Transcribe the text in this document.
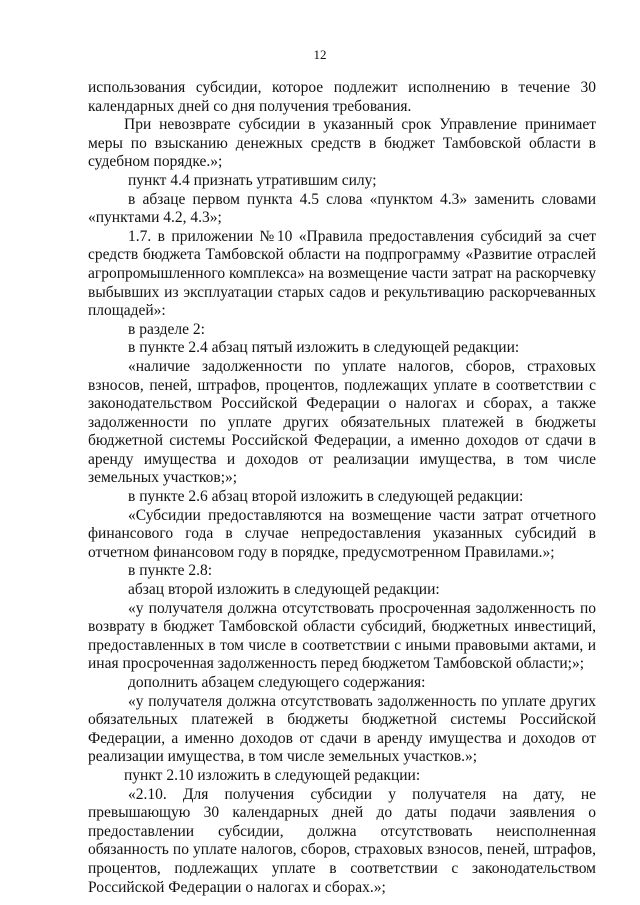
12

использования субсидии, которое подлежит исполнению в течение 30 календарных дней со дня получения требования.

При невозврате субсидии в указанный срок Управление принимает меры по взысканию денежных средств в бюджет Тамбовской области в судебном порядке.»;

пункт 4.4 признать утратившим силу;

в абзаце первом пункта 4.5 слова «пунктом 4.3» заменить словами «пунктами 4.2, 4.3»;

1.7. в приложении №10 «Правила предоставления субсидий за счет средств бюджета Тамбовской области на подпрограмму «Развитие отраслей агропромышленного комплекса» на возмещение части затрат на раскорчевку выбывших из эксплуатации старых садов и рекультивацию раскорчеванных площадей»:

в разделе 2:

в пункте 2.4 абзац пятый изложить в следующей редакции:

«наличие задолженности по уплате налогов, сборов, страховых взносов, пеней, штрафов, процентов, подлежащих уплате в соответствии с законодательством Российской Федерации о налогах и сборах, а также задолженности по уплате других обязательных платежей в бюджеты бюджетной системы Российской Федерации, а именно доходов от сдачи в аренду имущества и доходов от реализации имущества, в том числе земельных участков;»;

в пункте 2.6 абзац второй изложить в следующей редакции:

«Субсидии предоставляются на возмещение части затрат отчетного финансового года в случае непредоставления указанных субсидий в отчетном финансовом году в порядке, предусмотренном Правилами.»;

в пункте 2.8:

абзац второй изложить в следующей редакции:

«у получателя должна отсутствовать просроченная задолженность по возврату в бюджет Тамбовской области субсидий, бюджетных инвестиций, предоставленных в том числе в соответствии с иными правовыми актами, и иная просроченная задолженность перед бюджетом Тамбовской области;»;

дополнить абзацем следующего содержания:

«у получателя должна отсутствовать задолженность по уплате других обязательных платежей в бюджеты бюджетной системы Российской Федерации, а именно доходов от сдачи в аренду имущества и доходов от реализации имущества, в том числе земельных участков.»;

пункт 2.10 изложить в следующей редакции:

«2.10. Для получения субсидии у получателя на дату, не превышающую 30 календарных дней до даты подачи заявления о предоставлении субсидии, должна отсутствовать неисполненная обязанность по уплате налогов, сборов, страховых взносов, пеней, штрафов, процентов, подлежащих уплате в соответствии с законодательством Российской Федерации о налогах и сборах.»;
